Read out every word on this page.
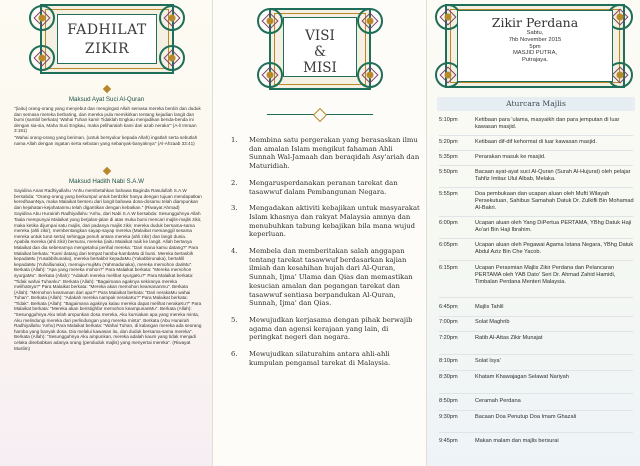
FADHILAT
ZIKIR
Maksud Ayat Suci Al-Quran

"(iaitu) orang-orang yang menyebut dan mengingati Allah semasa mereka berdiri dan duduk dan semasa mereka berbaring, dan mereka pula memikirkan tentang kejadian langit dan bumi (sambil berkata) 'Wahai Tuhan kami! Tidaklah Engkau menjadikan benda-benda ini dengan sia-sia, Maha Suci Engkau, maka peliharalah kami dari azab neraka'" (A-li Imraan 3:191)

"Wahai orang-orang yang beriman, (untuk bersyukur kepada Allah) ingatlah serta sebutlah nama Allah dengan ingatan serta sebutan yang sebanyak-banyaknya" (Al-Ahzaab 33:41)

Maksud Hadith Nabi S.A.W

Sayidina Anas Radhiyallahu 'Anhu membetahkan bahawa Baginda Rasulullah S.A.W bersabda: "Orang-orang yang berkumpul untuk berdzikir hanya dengan tujuan mendapatkan keredhaanNya, maka Malaikat berseru dari langit bahawa dosa-dosamu telah diampunkan dan kejahatan-kejahatanmu telah digantikan dengan kebaikan." (Riwayat Ahmad)

Sayidina Abu Hurairah Radhiyallahu 'Anhu, dari Nabi S.A.W bersabda: Sesungguhnya Allah Taala mempunyai Malaikat yang berjalan-jalan di atas muka bumi mencari majlis-majlis zikir, maka ketika dijumpai satu majlis, dari padanya majlis zikir, mereka duduk bersama-sama mereka (ahli zikir), membentangkan sayap-sayap mereka (Malaikat memanggil sesama mereka untuk turut serta) sehingga penuh antara mereka (ahli zikir) dan langit dunia. Apabila mereka (ahli zikir) bersurai, mereka (iaitu Malaikat naik ke langit. Allah bertanya Malaikat dan dia sebenarnya mengetahui perihal mereka: "Dari mana kamu datang?" Para Malaikat berkata: "Kami datang dari tempat hamba-hambaMu di bumi. Mereka bertasbih kepadaMu (Yusabbihunaka), mereka bertakbir kepadaMu (Yukabbirunaka), bertahlil kepadaMu (Yuhalliunaka), memuja-mujiMu (Yahmadunaka), mereka memohon dariMu". Berkata (Allah): "Apa yang mereka mohon?" Para Malaikat berkata: "Mereka memohon syurgaMu". Berkata (Allah): "Adakah mereka melihat syurgaKu?" Para Malaikat berkata: "Tidak wahai Tuhanku". Berkata (Allah): "Bagaimana agaknya sekiranya mereka melihatnya?" Para Malaikat berkata: "Mereka akan memohon keamananmu". Berkata (Allah): "Memohon keamanan dari apa?" Para Malaikat berkata: "Dari nerakaMu wahai Tuhan". Berkata (Allah): "Adakah mereka nampak nerakaKu?" Para Malaikat berkata: "Tidak". Berkata (Allah): "Bagaimana agaknya kalau mereka dapat melihat nerakaKu?" Para Malaikat berkata: "Mereka akan beristighfar memohon keampunanMu". Berkata (Allah): "Sesungguhnya Aku telah ampunkan dosa mereka, Aku kurniakan apa yang mereka minta, Aku melindungi mereka dari perlindungan yang mereka minta". Berkata (Abu Hurairah Radhiyallahu 'Anhu) Para Malaikat berkata: "Wahai Tuhan, di kalangan mereka ada seorang hamba yang banyak dosa. Dia melalui kawasan itu, dan duduk bersama-sama mereka". Berkata (Allah): "Sesungguhnya Aku ampunkan, mereka adalah kaum yang tidak menjadi celaka disebabkan adanya orang (penduduk majlis) yang menyertai mereka". (Riwayat Muslim)

VISI
&
MISI
1. Membina satu pergerakan yang berasaskan ilmu dan amalan Islam mengikut fahaman Ahli Sunnah Wal-Jamaah dan beraqidah Asy'ariah dan Maturidiah.
2. Mengarusperdanakan peranan tarekat dan tasawwuf dalam Pembangunan Negara.
3. Mengadakan aktiviti kebajikan untuk masyarakat Islam khasnya dan rakyat Malaysia amnya dan menubuhkan tabung kebajikan bila mana wujud keperluan.
4. Membela dan memberitakan salah anggapan tentang tarekat tasawwuf berdasarkan kajian ilmiah dan kesahihan hujah dari Al-Quran, Sunnah, Ijma' Ulama dan Qias dan memastikan kesucian amalan dan pegangan tarekat dan tasawwuf sentiasa berpandukan Al-Quran, Sunnah, Ijma' dan Qias.
5. Mewujudkan kerjasama dengan pihak berwajib agama dan agensi kerajaan yang lain, di peringkat negeri dan negara.
6. Mewujudkan silaturahim antara ahli-ahli kumpulan pengamal tarekat di Malaysia.
Zikir Perdana
Sabtu,
7hb November 2015
5pm
MASJID PUTRA,
Putrajaya.
Aturcara Majlis
5:10pm	Ketibaan para 'ulama, masyaikh dan para jemputan di luar kawasan masjid.
5:20pm	Ketibaan dif-dif kehormat di luar kawasan masjid.
5:35pm	Perarakan masuk ke masjid.
5:50pm	Bacaan ayat-ayat suci Al-Quran (Surah Al-Hujurat) oleh pelajar Tahfiz Imtiaz Ulul Albab, Melaka.
5:55pm	Doa pembukaan dan ucapan aluan oleh Mufti Wilayah Persekutuan, Sahibus Samahah Datuk Dr. Zulkifli Bin Mohamad Al-Bakri.
6:00pm	Ucapan aluan oleh Yang DiPertua PERTAMA, YBhg Datuk Haji Ao'ari Bin Haji Ibrahim.
6:05pm	Ucapan aluan oleh Pegawai Agama Istana Negara, YBhg Datuk Abdul Aziz Bin Che Yacob.
6:15pm	Ucapan Perasmian Majlis Zikir Perdana dan Pelancaran PERTAMA oleh YAB Dato' Seri Dr. Ahmad Zahid Hamidi, Timbalan Perdana Menteri Malaysia.
6:45pm	Majlis Tahlil
7:00pm	Solat Maghrib
7:20pm	Ratib Al-Attas Zikir Munajat
8:10pm	Solat Isya'
8:30pm	Khatam Khawajagan Selawat Nariyah
8:50pm	Ceramah Perdana
9:30pm	Bacaan Doa Penutup Doa Imam Ghazali
9:45pm	Makan malam dan majlis bersurai
